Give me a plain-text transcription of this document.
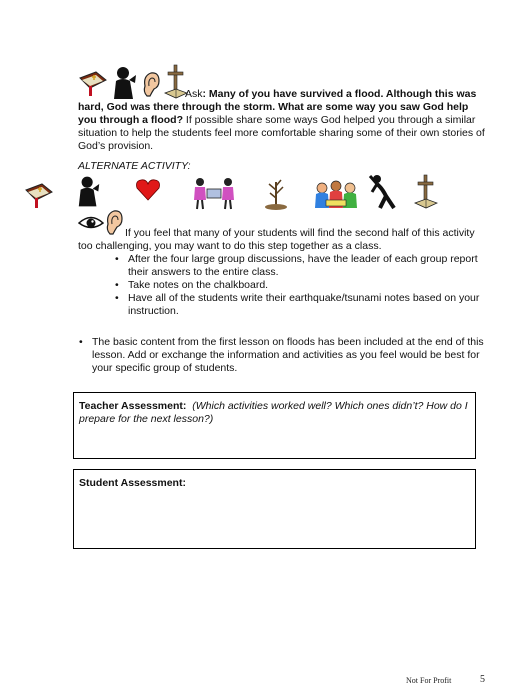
Ask: Many of you have survived a flood. Although this was hard, God was there through the storm. What are some way you saw God help you through a flood? If possible share some ways God helped you through a similar situation to help the students feel more comfortable sharing some of their own stories of God’s provision.

ALTERNATE ACTIVITY:

If you feel that many of your students will find the second half of this activity too challenging, you may want to do this step together as a class.

• After the four large group discussions, have the leader of each group report their answers to the entire class.
• Take notes on the chalkboard.
• Have all of the students write their earthquake/tsunami notes based on your instruction.
• The basic content from the first lesson on floods has been included at the end of this lesson. Add or exchange the information and activities as you feel would be best for your specific group of students.
Teacher Assessment: (Which activities worked well? Which ones didn’t? How do I prepare for the next lesson?)
Student Assessment:
Not For Profit	5
